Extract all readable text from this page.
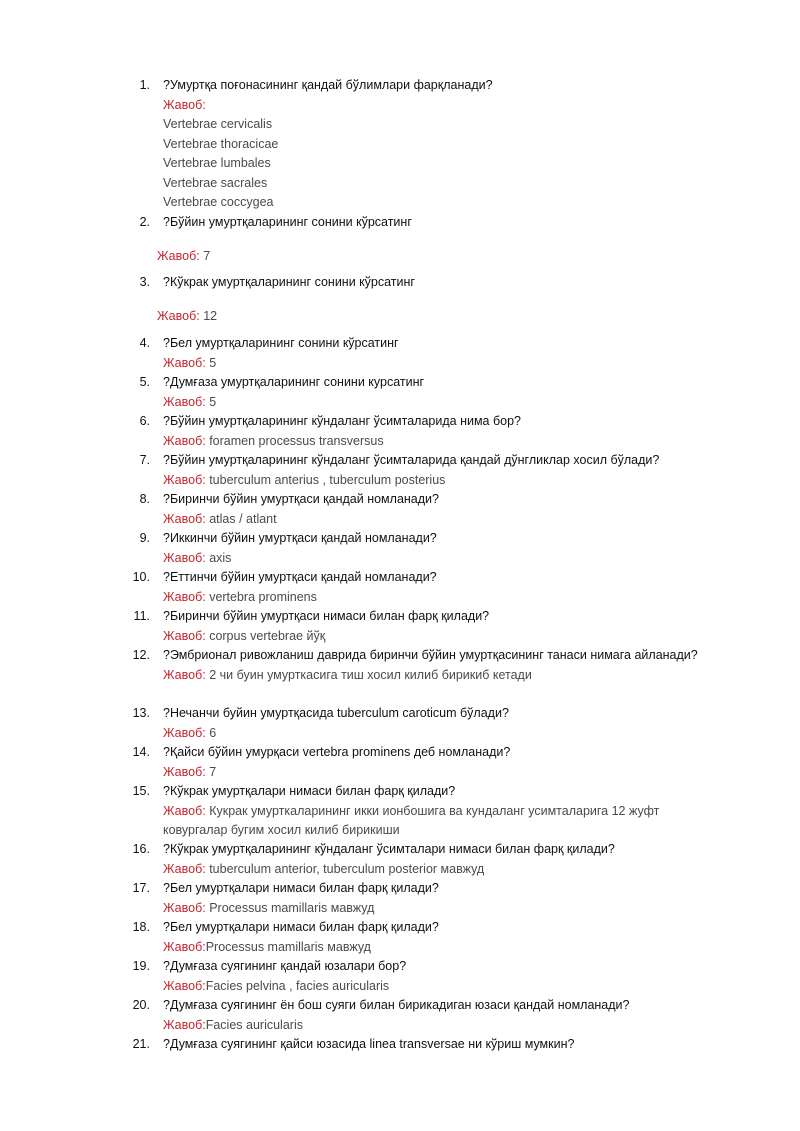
1. ?Умуртқа поғонасининг қандай бўлимлари фарқланади?
Жавоб:
Vertebrae cervicalis
Vertebrae thoracicae
Vertebrae lumbales
Vertebrae sacrales
Vertebrae coccygea
2. ?Бўйин умуртқаларининг сонини кўрсатинг
Жавоб: 7
3. ?Кўкрак умуртқаларининг сонини кўрсатинг
Жавоб: 12
4. ?Бел умуртқаларининг сонини кўрсатинг
Жавоб: 5
5. ?Думғаза умуртқаларининг сонини курсатинг
Жавоб: 5
6. ?Бўйин умуртқаларининг кўндаланг ўсимталарида нима бор?
Жавоб: foramen processus transversus
7. ?Бўйин умуртқаларининг кўндаланг ўсимталарида қандай дўнгликлар хосил бўлади?
Жавоб: tuberculum anterius , tuberculum posterius
8. ?Биринчи бўйин умуртқаси қандай номланади?
Жавоб: atlas / atlant
9. ?Иккинчи бўйин умуртқаси қандай номланади?
Жавоб: axis
10. ?Еттинчи бўйин умуртқаси қандай номланади?
Жавоб: vertebra prominens
11. ?Биринчи бўйин умуртқаси нимаси билан фарқ қилади?
Жавоб: corpus vertebrae йўқ
12. ?Эмбрионал ривожланиш даврида биринчи бўйин умуртқасининг танаси нимага айланади?
Жавоб: 2 чи буин умурткасига тиш хосил килиб бирикиб кетади
13. ?Нечанчи буйин умуртқасида tuberculum caroticum бўлади?
Жавоб: 6
14. ?Қайси бўйин умурқаси vertebra prominens деб номланади?
Жавоб: 7
15. ?Кўкрак умуртқалари нимаси билан фарқ қилади?
Жавоб: Кукрак умурткаларининг икки ионбошига ва кундаланг усимталарига 12 жуфт ковургалар бугим хосил килиб бирикиши
16. ?Кўкрак умуртқаларининг кўндаланг ўсимталари нимаси билан фарқ қилади?
Жавоб: tuberculum anterior, tuberculum posterior мавжуд
17. ?Бел умуртқалари нимаси билан фарқ қилади?
Жавоб: Processus mamillaris мавжуд
18. ?Бел умуртқалари нимаси билан фарқ қилади?
Жавоб:Processus mamillaris мавжуд
19. ?Думғаза суягининг қандай юзалари бор?
Жавоб:Facies pelvina , facies auricularis
20. ?Думғаза суягининг ён бош суяги билан бирикадиган юзаси қандай номланади?
Жавоб:Facies auricularis
21. ?Думғаза суягининг қайси юзасида linea transversae ни кўриш мумкин?
